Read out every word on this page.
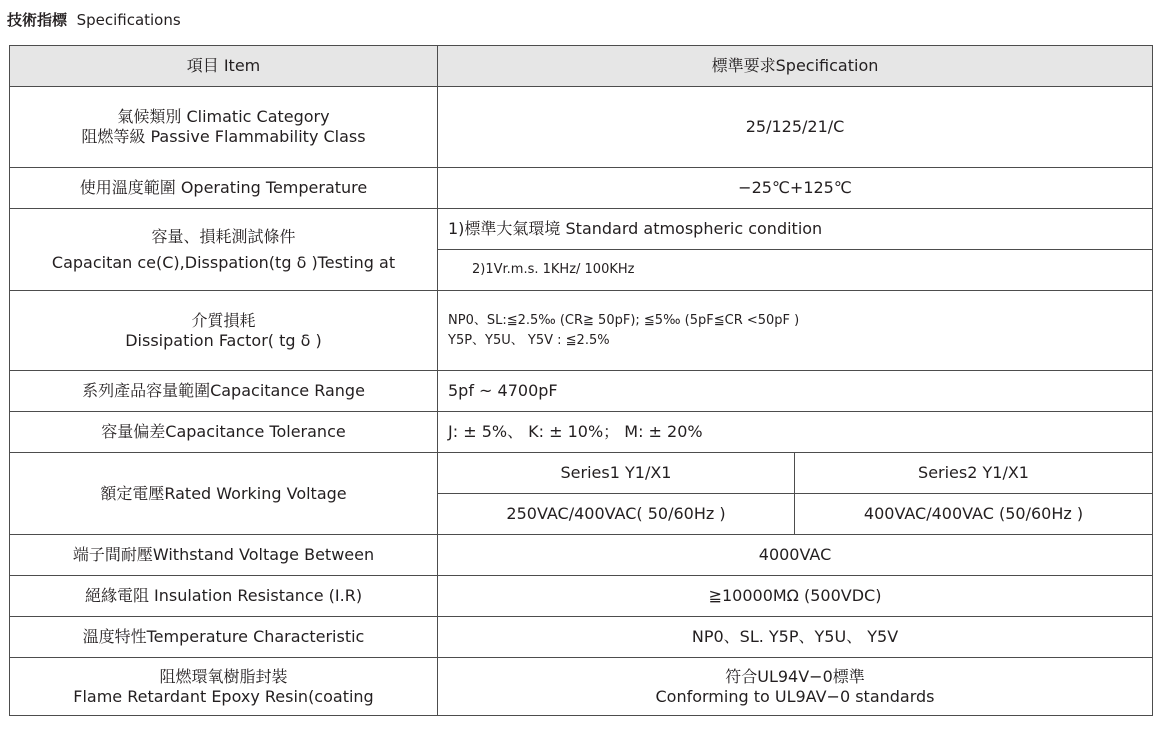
技術指標 Specifications
項目 Item	標準要求Specification	

氣候類別 Climatic Category
阻燃等級 Passive Flammability Class	25/125/21/C	
使用溫度範圍 Operating Temperature	−25℃+125℃	

容量、損耗測試條件
Capacitan ce(C),Disspation(tg δ )Testing at	1)標準大氣環境 Standard atmospheric condition	
	2)1Vr.m.s. 1KHz/ 100KHz	

介質損耗
Dissipation Factor( tg δ )	NP0、SL:≦2.5‰ (CR≧ 50pF); ≦5‰ (5pF≦CR <50pF )
Y5P、Y5U、 Y5V : ≦2.5%	

系列產品容量範圍Capacitance Range	5pf ~ 4700pF	
容量偏差Capacitance Tolerance	J: ± 5%、 K: ± 10%； M: ± 20%	
額定電壓Rated Working Voltage	Series1 Y1/X1	Series2 Y1/X1
	250VAC/400VAC( 50/60Hz )	400VAC/400VAC (50/60Hz )
端子間耐壓Withstand Voltage Between	4000VAC	
絕緣電阻 Insulation Resistance (I.R)	≧10000MΩ (500VDC)	
溫度特性Temperature Characteristic	NP0、SL. Y5P、Y5U、 Y5V	

阻燃環氧樹脂封裝
Flame Retardant Epoxy Resin(coating	符合UL94V−0標準
Conforming to UL9AV−0 standards	
